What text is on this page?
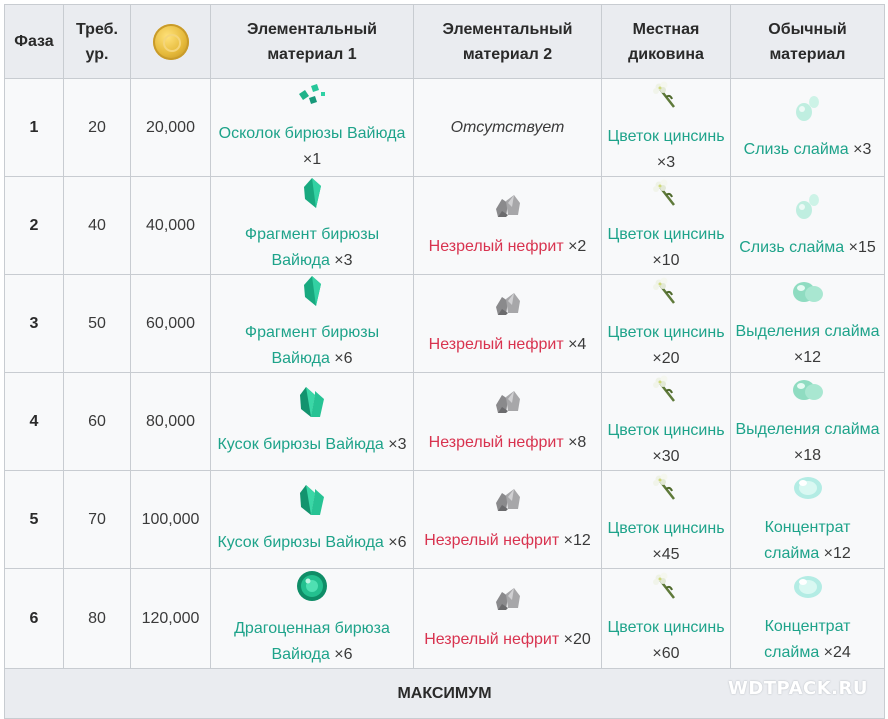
Фаза	Треб. ур.		Элементальный материал 1	Элементальный материал 2	Местная диковина	Обычный материал
1	20	20,000	Осколок бирюзы Вайюда ×1	Отсутствует	Цветок цинсинь ×3	Слизь слайма ×3
2	40	40,000	Фрагмент бирюзы Вайюда ×3	Незрелый нефрит ×2	Цветок цинсинь ×10	Слизь слайма ×15
3	50	60,000	Фрагмент бирюзы Вайюда ×6	Незрелый нефрит ×4	Цветок цинсинь ×20	Выделения слайма ×12
4	60	80,000	Кусок бирюзы Вайюда ×3	Незрелый нефрит ×8	Цветок цинсинь ×30	Выделения слайма ×18
5	70	100,000	Кусок бирюзы Вайюда ×6	Незрелый нефрит ×12	Цветок цинсинь ×45	Концентрат слайма ×12
6	80	120,000	Драгоценная бирюза Вайюда ×6	Незрелый нефрит ×20	Цветок цинсинь ×60	Концентрат слайма ×24
МАКСИМУМ							WDTPACK.RU
